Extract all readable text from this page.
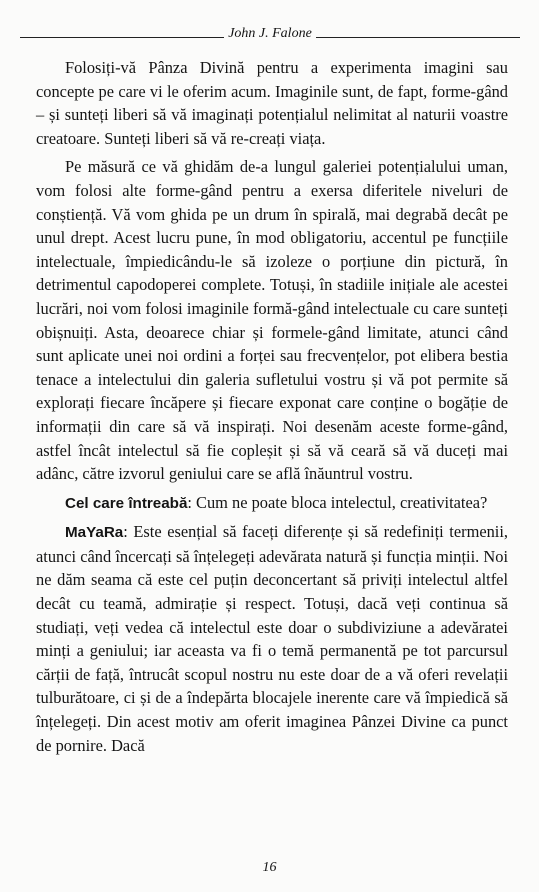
John J. Falone

Folosiți-vă Pânza Divină pentru a experimenta imagini sau concepte pe care vi le oferim acum. Imaginile sunt, de fapt, forme-gând – și sunteți liberi să vă imaginați potențialul nelimitat al naturii voastre creatoare. Sunteți liberi să vă re-creați viața.

Pe măsură ce vă ghidăm de-a lungul galeriei potențialului uman, vom folosi alte forme-gând pentru a exersa diferitele niveluri de conștiență. Vă vom ghida pe un drum în spirală, mai degrabă decât pe unul drept. Acest lucru pune, în mod obligatoriu, accentul pe funcțiile intelectuale, împiedicându-le să izoleze o porțiune din pictură, în detrimentul capodoperei complete. Totuși, în stadiile inițiale ale acestei lucrări, noi vom folosi imaginile formă-gând intelectuale cu care sunteți obișnuiți. Asta, deoarece chiar și formele-gând limitate, atunci când sunt aplicate unei noi ordini a forței sau frecvențelor, pot elibera bestia tenace a intelectului din galeria sufletului vostru și vă pot permite să explorați fiecare încăpere și fiecare exponat care conține o bogăție de informații din care să vă inspirați. Noi desenăm aceste forme-gând, astfel încât intelectul să fie copleșit și să vă ceară să vă duceți mai adânc, către izvorul geniului care se află înăuntrul vostru.

Cel care întreabă: Cum ne poate bloca intelectul, creativitatea?

MaYaRa: Este esențial să faceți diferențe și să redefiniți termenii, atunci când încercați să înțelegeți adevărata natură și funcția minții. Noi ne dăm seama că este cel puțin deconcertant să priviți intelectul altfel decât cu teamă, admirație și respect. Totuși, dacă veți continua să studiați, veți vedea că intelectul este doar o subdiviziune a adevăratei minți a geniului; iar aceasta va fi o temă permanentă pe tot parcursul cărții de față, întrucât scopul nostru nu este doar de a vă oferi revelații tulburătoare, ci și de a îndepărta blocajele inerente care vă împiedică să înțelegeți. Din acest motiv am oferit imaginea Pânzei Divine ca punct de pornire. Dacă

16
